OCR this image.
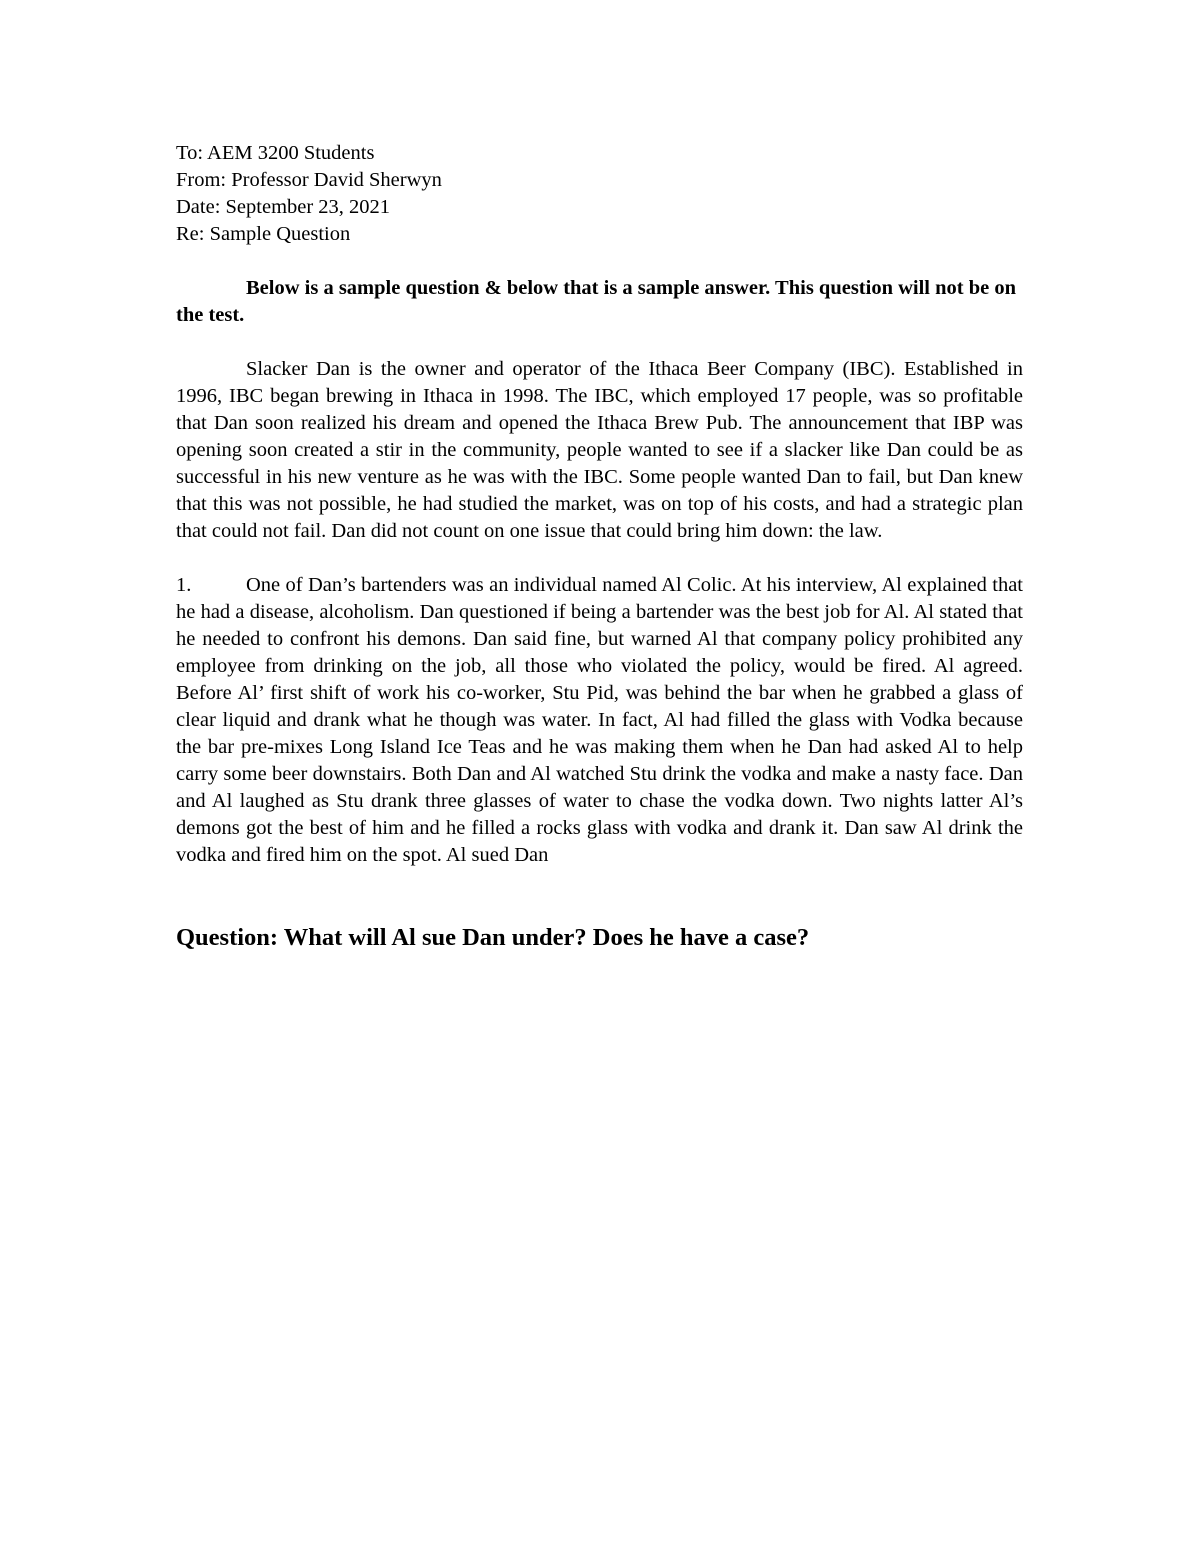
To: AEM 3200 Students
From: Professor David Sherwyn
Date: September 23, 2021
Re: Sample Question

Below is a sample question & below that is a sample answer. This question will not be on the test.

Slacker Dan is the owner and operator of the Ithaca Beer Company (IBC). Established in 1996, IBC began brewing in Ithaca in 1998. The IBC, which employed 17 people, was so profitable that Dan soon realized his dream and opened the Ithaca Brew Pub. The announcement that IBP was opening soon created a stir in the community, people wanted to see if a slacker like Dan could be as successful in his new venture as he was with the IBC. Some people wanted Dan to fail, but Dan knew that this was not possible, he had studied the market, was on top of his costs, and had a strategic plan that could not fail. Dan did not count on one issue that could bring him down: the law.

1.	One of Dan’s bartenders was an individual named Al Colic. At his interview, Al explained that he had a disease, alcoholism. Dan questioned if being a bartender was the best job for Al. Al stated that he needed to confront his demons. Dan said fine, but warned Al that company policy prohibited any employee from drinking on the job, all those who violated the policy, would be fired. Al agreed. Before Al’ first shift of work his co-worker, Stu Pid, was behind the bar when he grabbed a glass of clear liquid and drank what he though was water. In fact, Al had filled the glass with Vodka because the bar pre-mixes Long Island Ice Teas and he was making them when he Dan had asked Al to help carry some beer downstairs. Both Dan and Al watched Stu drink the vodka and make a nasty face. Dan and Al laughed as Stu drank three glasses of water to chase the vodka down. Two nights latter Al’s demons got the best of him and he filled a rocks glass with vodka and drank it. Dan saw Al drink the vodka and fired him on the spot. Al sued Dan

Question: What will Al sue Dan under? Does he have a case?
